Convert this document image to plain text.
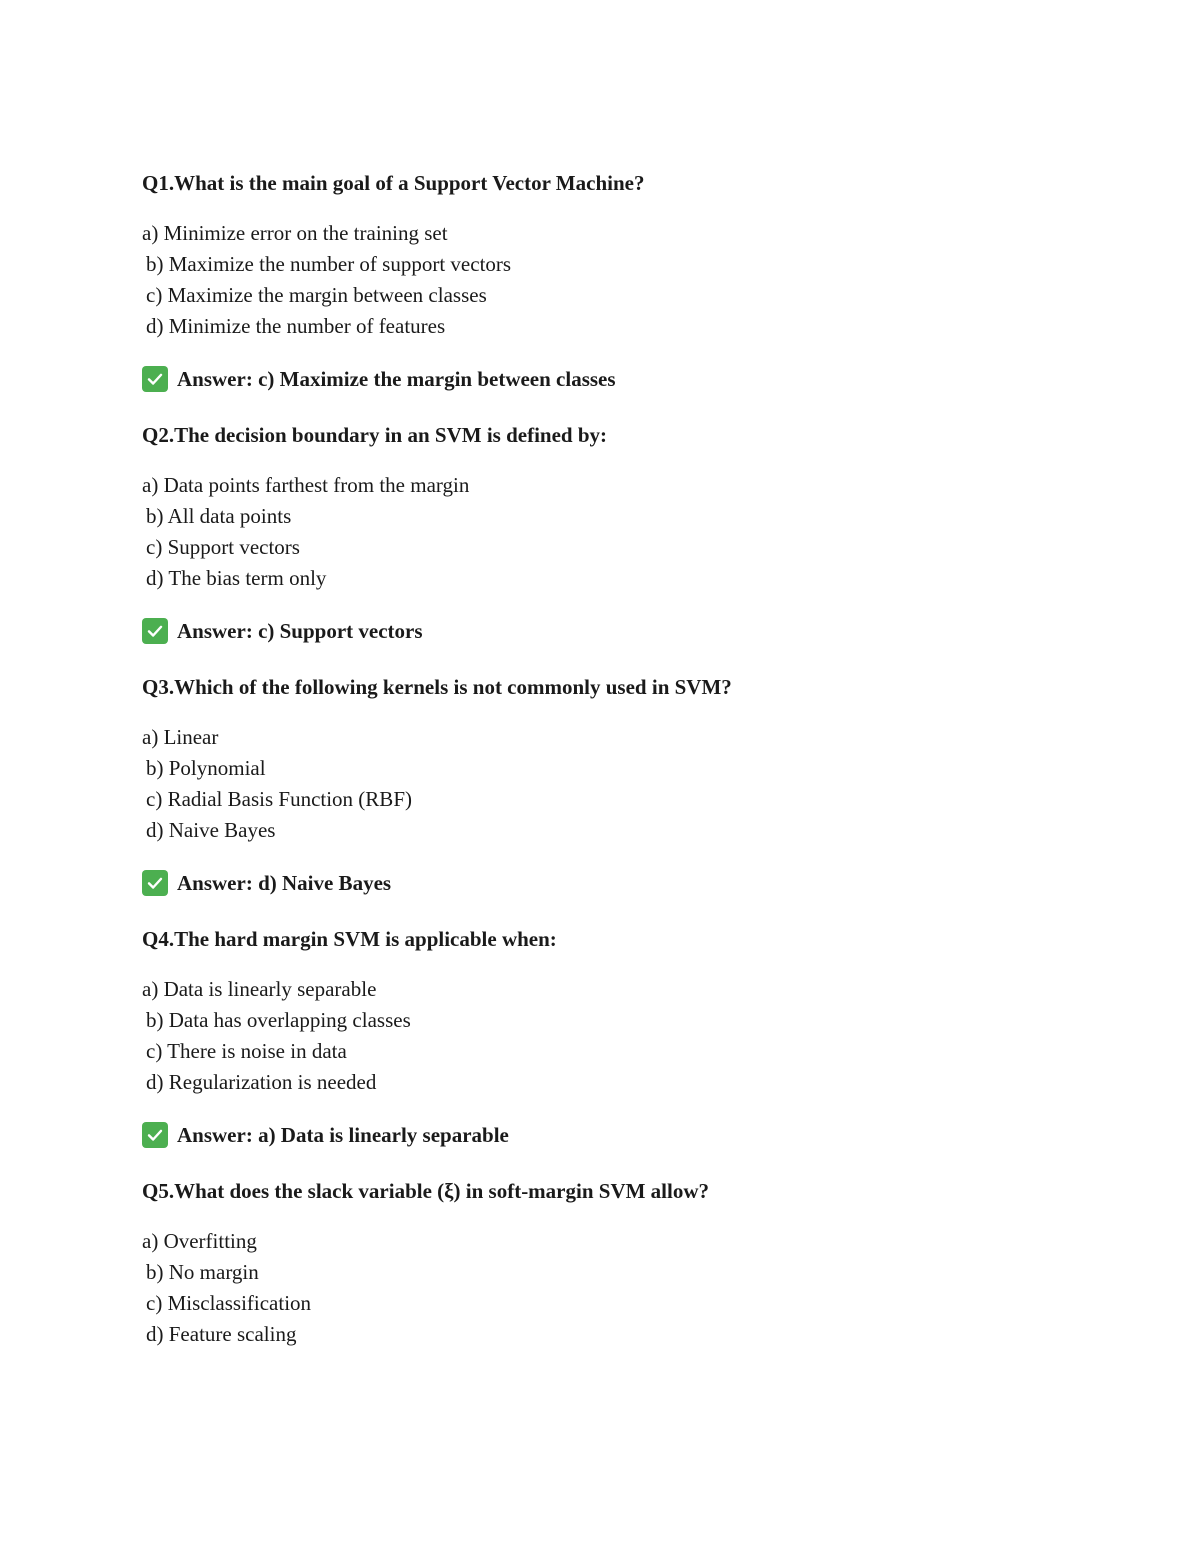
Q1.What is the main goal of a Support Vector Machine?
a) Minimize error on the training set
b) Maximize the number of support vectors
c) Maximize the margin between classes
d) Minimize the number of features
Answer: c) Maximize the margin between classes
Q2.The decision boundary in an SVM is defined by:
a) Data points farthest from the margin
b) All data points
c) Support vectors
d) The bias term only
Answer: c) Support vectors
Q3.Which of the following kernels is not commonly used in SVM?
a) Linear
b) Polynomial
c) Radial Basis Function (RBF)
d) Naive Bayes
Answer: d) Naive Bayes
Q4.The hard margin SVM is applicable when:
a) Data is linearly separable
b) Data has overlapping classes
c) There is noise in data
d) Regularization is needed
Answer: a) Data is linearly separable
Q5.What does the slack variable (ξ) in soft-margin SVM allow?
a) Overfitting
b) No margin
c) Misclassification
d) Feature scaling
